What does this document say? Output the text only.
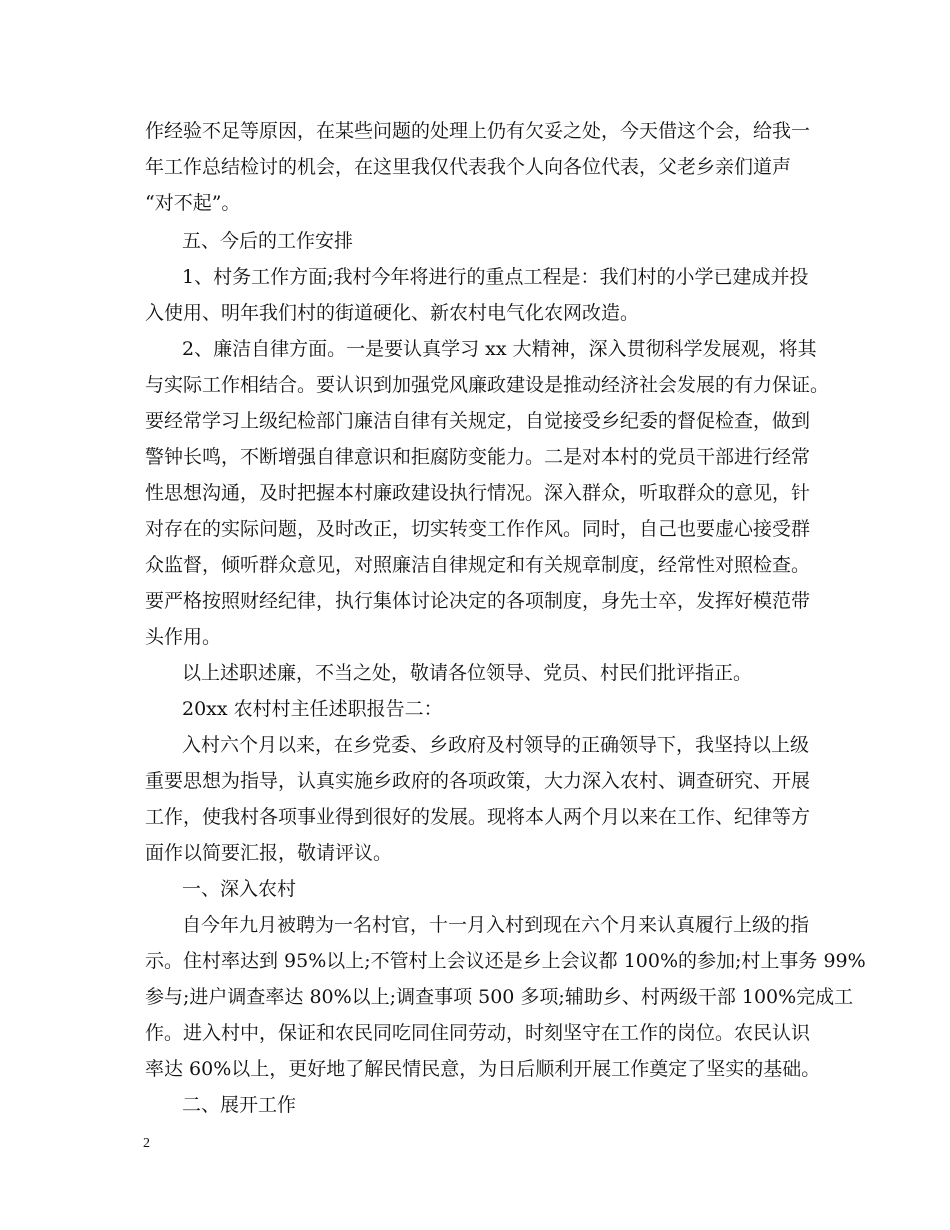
作经验不足等原因，在某些问题的处理上仍有欠妥之处，今天借这个会，给我一
年工作总结检讨的机会，在这里我仅代表我个人向各位代表，父老乡亲们道声
“对不起”。
五、今后的工作安排
1、村务工作方面;我村今年将进行的重点工程是：我们村的小学已建成并投
入使用、明年我们村的街道硬化、新农村电气化农网改造。
2、廉洁自律方面。一是要认真学习 xx 大精神，深入贯彻科学发展观，将其
与实际工作相结合。要认识到加强党风廉政建设是推动经济社会发展的有力保证。
要经常学习上级纪检部门廉洁自律有关规定，自觉接受乡纪委的督促检查，做到
警钟长鸣，不断增强自律意识和拒腐防变能力。二是对本村的党员干部进行经常
性思想沟通，及时把握本村廉政建设执行情况。深入群众，听取群众的意见，针
对存在的实际问题，及时改正，切实转变工作作风。同时，自己也要虚心接受群
众监督，倾听群众意见，对照廉洁自律规定和有关规章制度，经常性对照检查。
要严格按照财经纪律，执行集体讨论决定的各项制度，身先士卒，发挥好模范带
头作用。
以上述职述廉，不当之处，敬请各位领导、党员、村民们批评指正。
20xx 农村村主任述职报告二：
入村六个月以来，在乡党委、乡政府及村领导的正确领导下，我坚持以上级
重要思想为指导，认真实施乡政府的各项政策，大力深入农村、调查研究、开展
工作，使我村各项事业得到很好的发展。现将本人两个月以来在工作、纪律等方
面作以简要汇报，敬请评议。
一、深入农村
自今年九月被聘为一名村官，十一月入村到现在六个月来认真履行上级的指
示。住村率达到 95%以上;不管村上会议还是乡上会议都 100%的参加;村上事务 99%
参与;进户调查率达 80%以上;调查事项 500 多项;辅助乡、村两级干部 100%完成工
作。进入村中，保证和农民同吃同住同劳动，时刻坚守在工作的岗位。农民认识
率达 60%以上，更好地了解民情民意，为日后顺利开展工作奠定了坚实的基础。
二、展开工作
2
